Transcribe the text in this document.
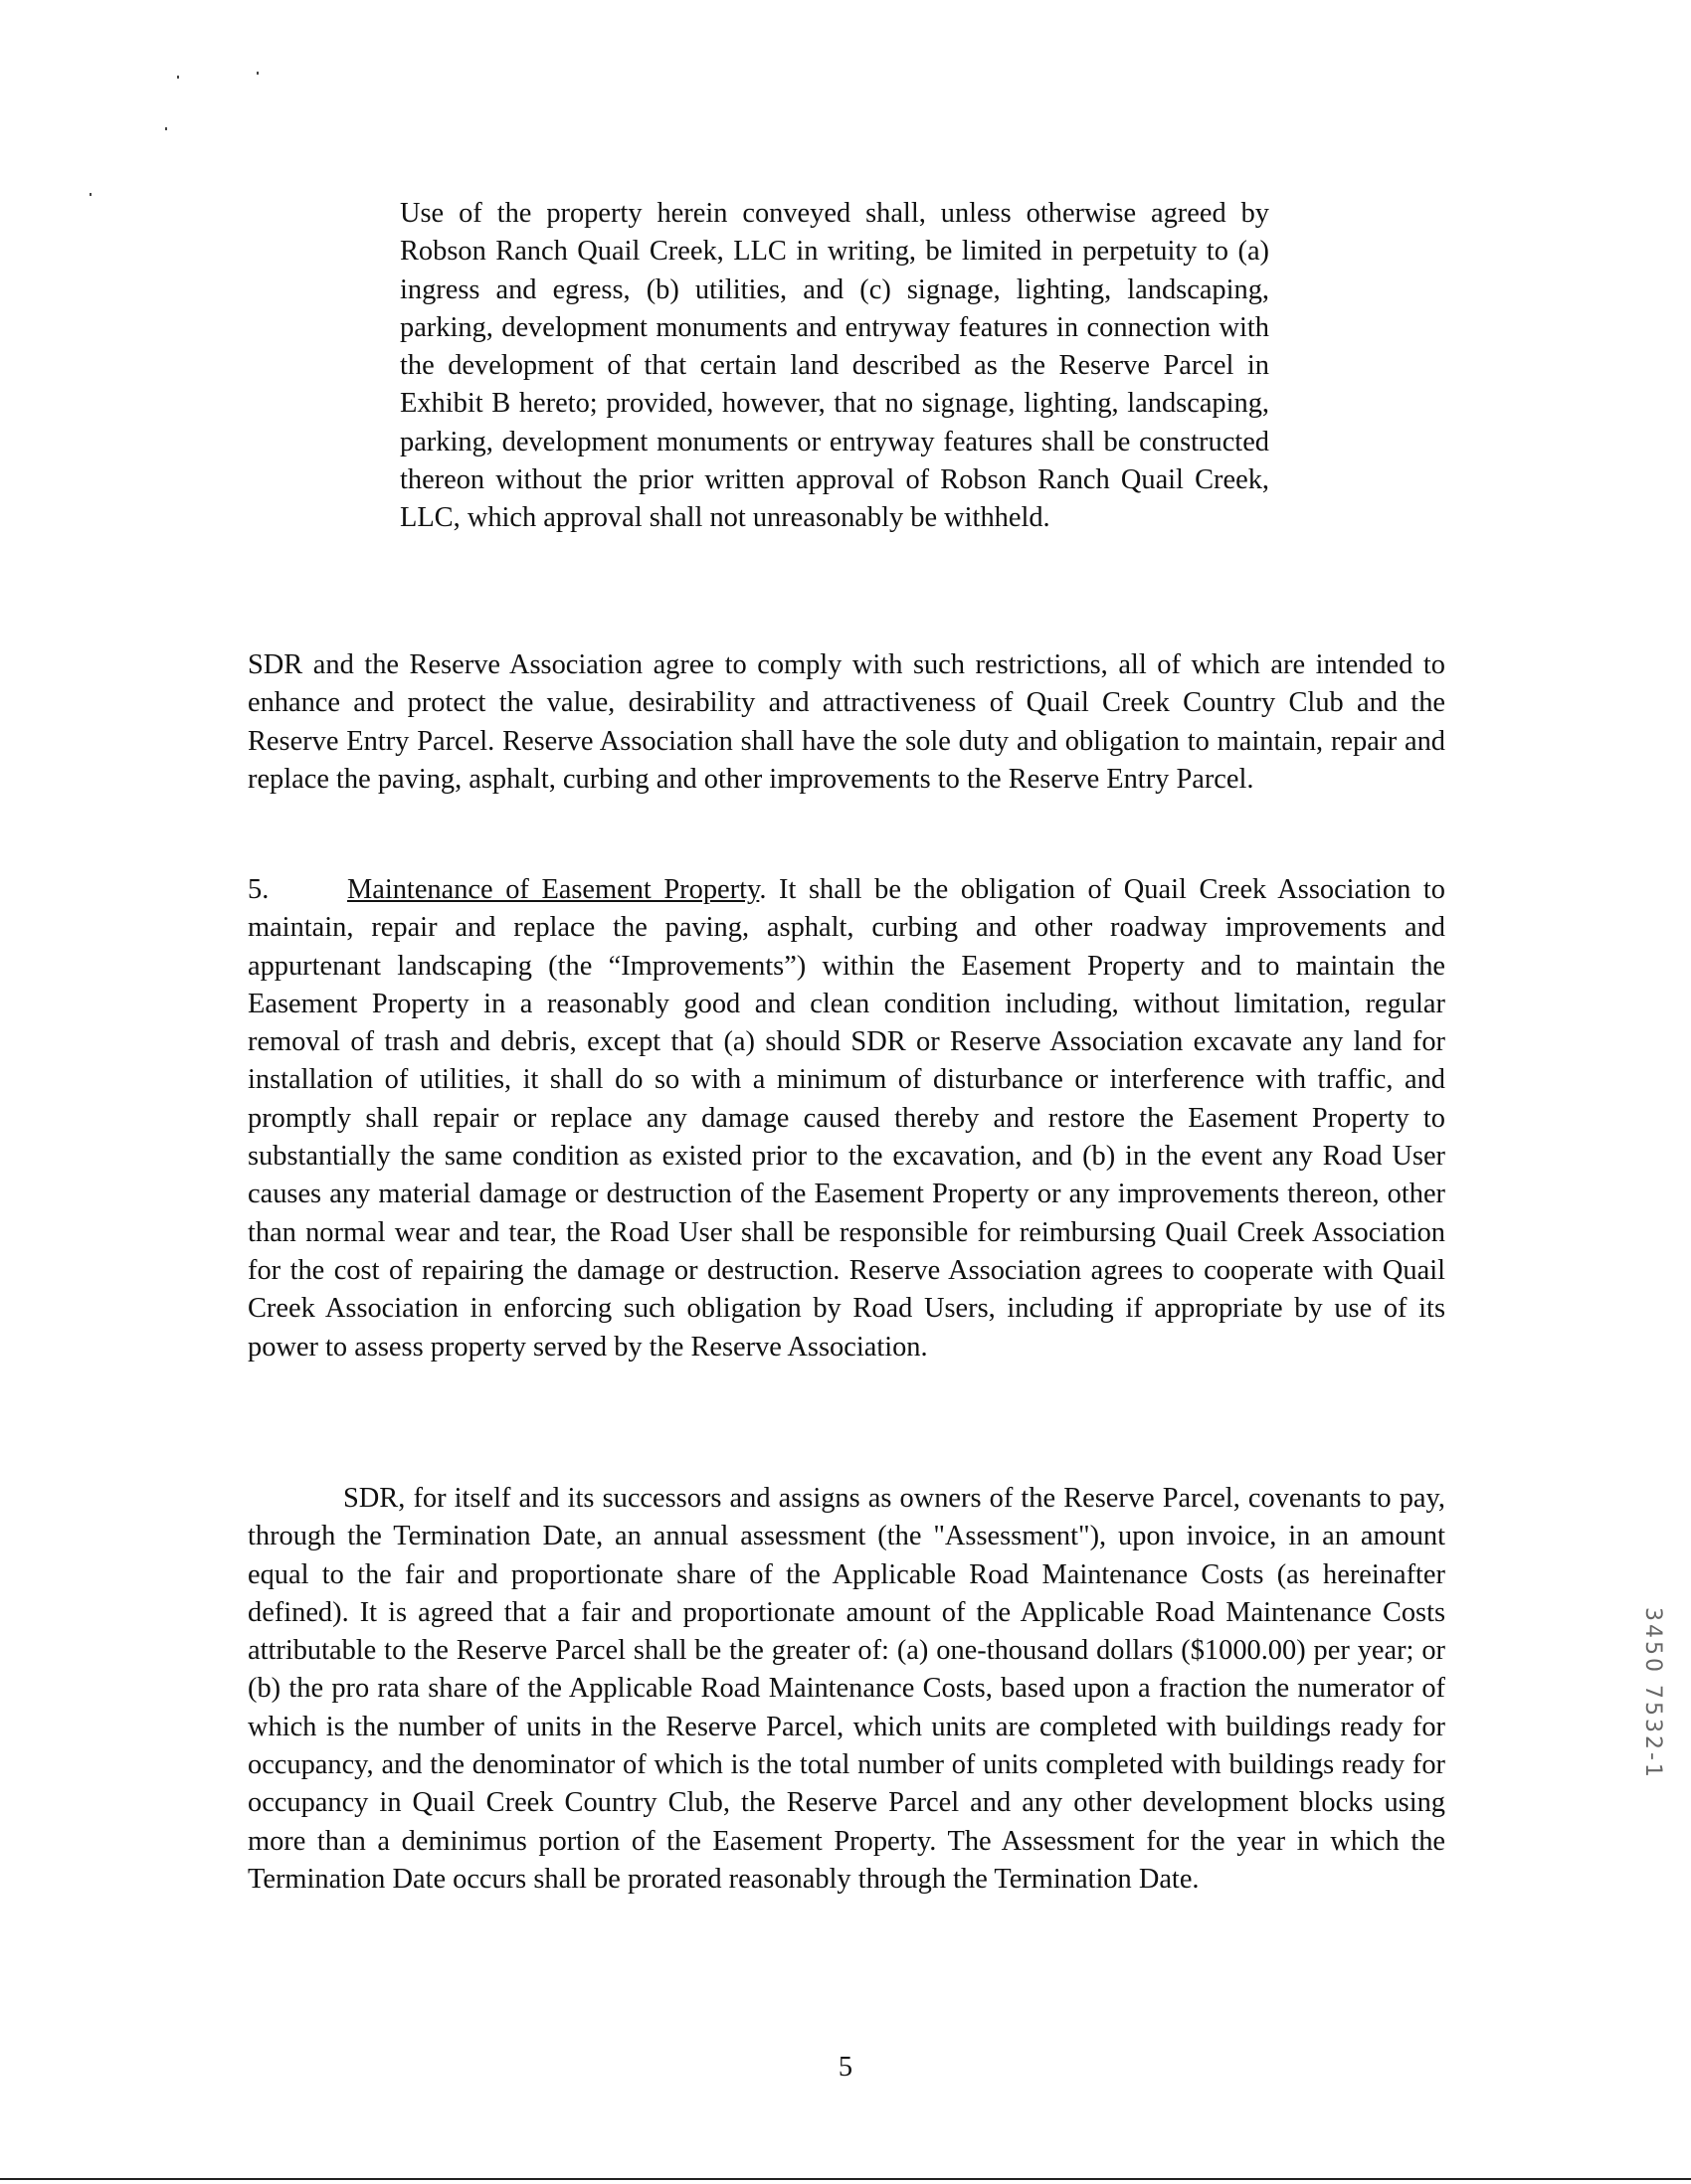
Use of the property herein conveyed shall, unless otherwise agreed by Robson Ranch Quail Creek, LLC in writing, be limited in perpetuity to (a) ingress and egress, (b) utilities, and (c) signage, lighting, landscaping, parking, development monuments and entryway features in connection with the development of that certain land described as the Reserve Parcel in Exhibit B hereto; provided, however, that no signage, lighting, landscaping, parking, development monuments or entryway features shall be constructed thereon without the prior written approval of Robson Ranch Quail Creek, LLC, which approval shall not unreasonably be withheld.

SDR and the Reserve Association agree to comply with such restrictions, all of which are intended to enhance and protect the value, desirability and attractiveness of Quail Creek Country Club and the Reserve Entry Parcel. Reserve Association shall have the sole duty and obligation to maintain, repair and replace the paving, asphalt, curbing and other improvements to the Reserve Entry Parcel.

5.	Maintenance of Easement Property. It shall be the obligation of Quail Creek Association to maintain, repair and replace the paving, asphalt, curbing and other roadway improvements and appurtenant landscaping (the “Improvements”) within the Easement Property and to maintain the Easement Property in a reasonably good and clean condition including, without limitation, regular removal of trash and debris, except that (a) should SDR or Reserve Association excavate any land for installation of utilities, it shall do so with a minimum of disturbance or interference with traffic, and promptly shall repair or replace any damage caused thereby and restore the Easement Property to substantially the same condition as existed prior to the excavation, and (b) in the event any Road User causes any material damage or destruction of the Easement Property or any improvements thereon, other than normal wear and tear, the Road User shall be responsible for reimbursing Quail Creek Association for the cost of repairing the damage or destruction. Reserve Association agrees to cooperate with Quail Creek Association in enforcing such obligation by Road Users, including if appropriate by use of its power to assess property served by the Reserve Association.

SDR, for itself and its successors and assigns as owners of the Reserve Parcel, covenants to pay, through the Termination Date, an annual assessment (the "Assessment"), upon invoice, in an amount equal to the fair and proportionate share of the Applicable Road Maintenance Costs (as hereinafter defined). It is agreed that a fair and proportionate amount of the Applicable Road Maintenance Costs attributable to the Reserve Parcel shall be the greater of: (a) one-thousand dollars ($1000.00) per year; or (b) the pro rata share of the Applicable Road Maintenance Costs, based upon a fraction the numerator of which is the number of units in the Reserve Parcel, which units are completed with buildings ready for occupancy, and the denominator of which is the total number of units completed with buildings ready for occupancy in Quail Creek Country Club, the Reserve Parcel and any other development blocks using more than a deminimus portion of the Easement Property. The Assessment for the year in which the Termination Date occurs shall be prorated reasonably through the Termination Date.

5
3450 7532-1
